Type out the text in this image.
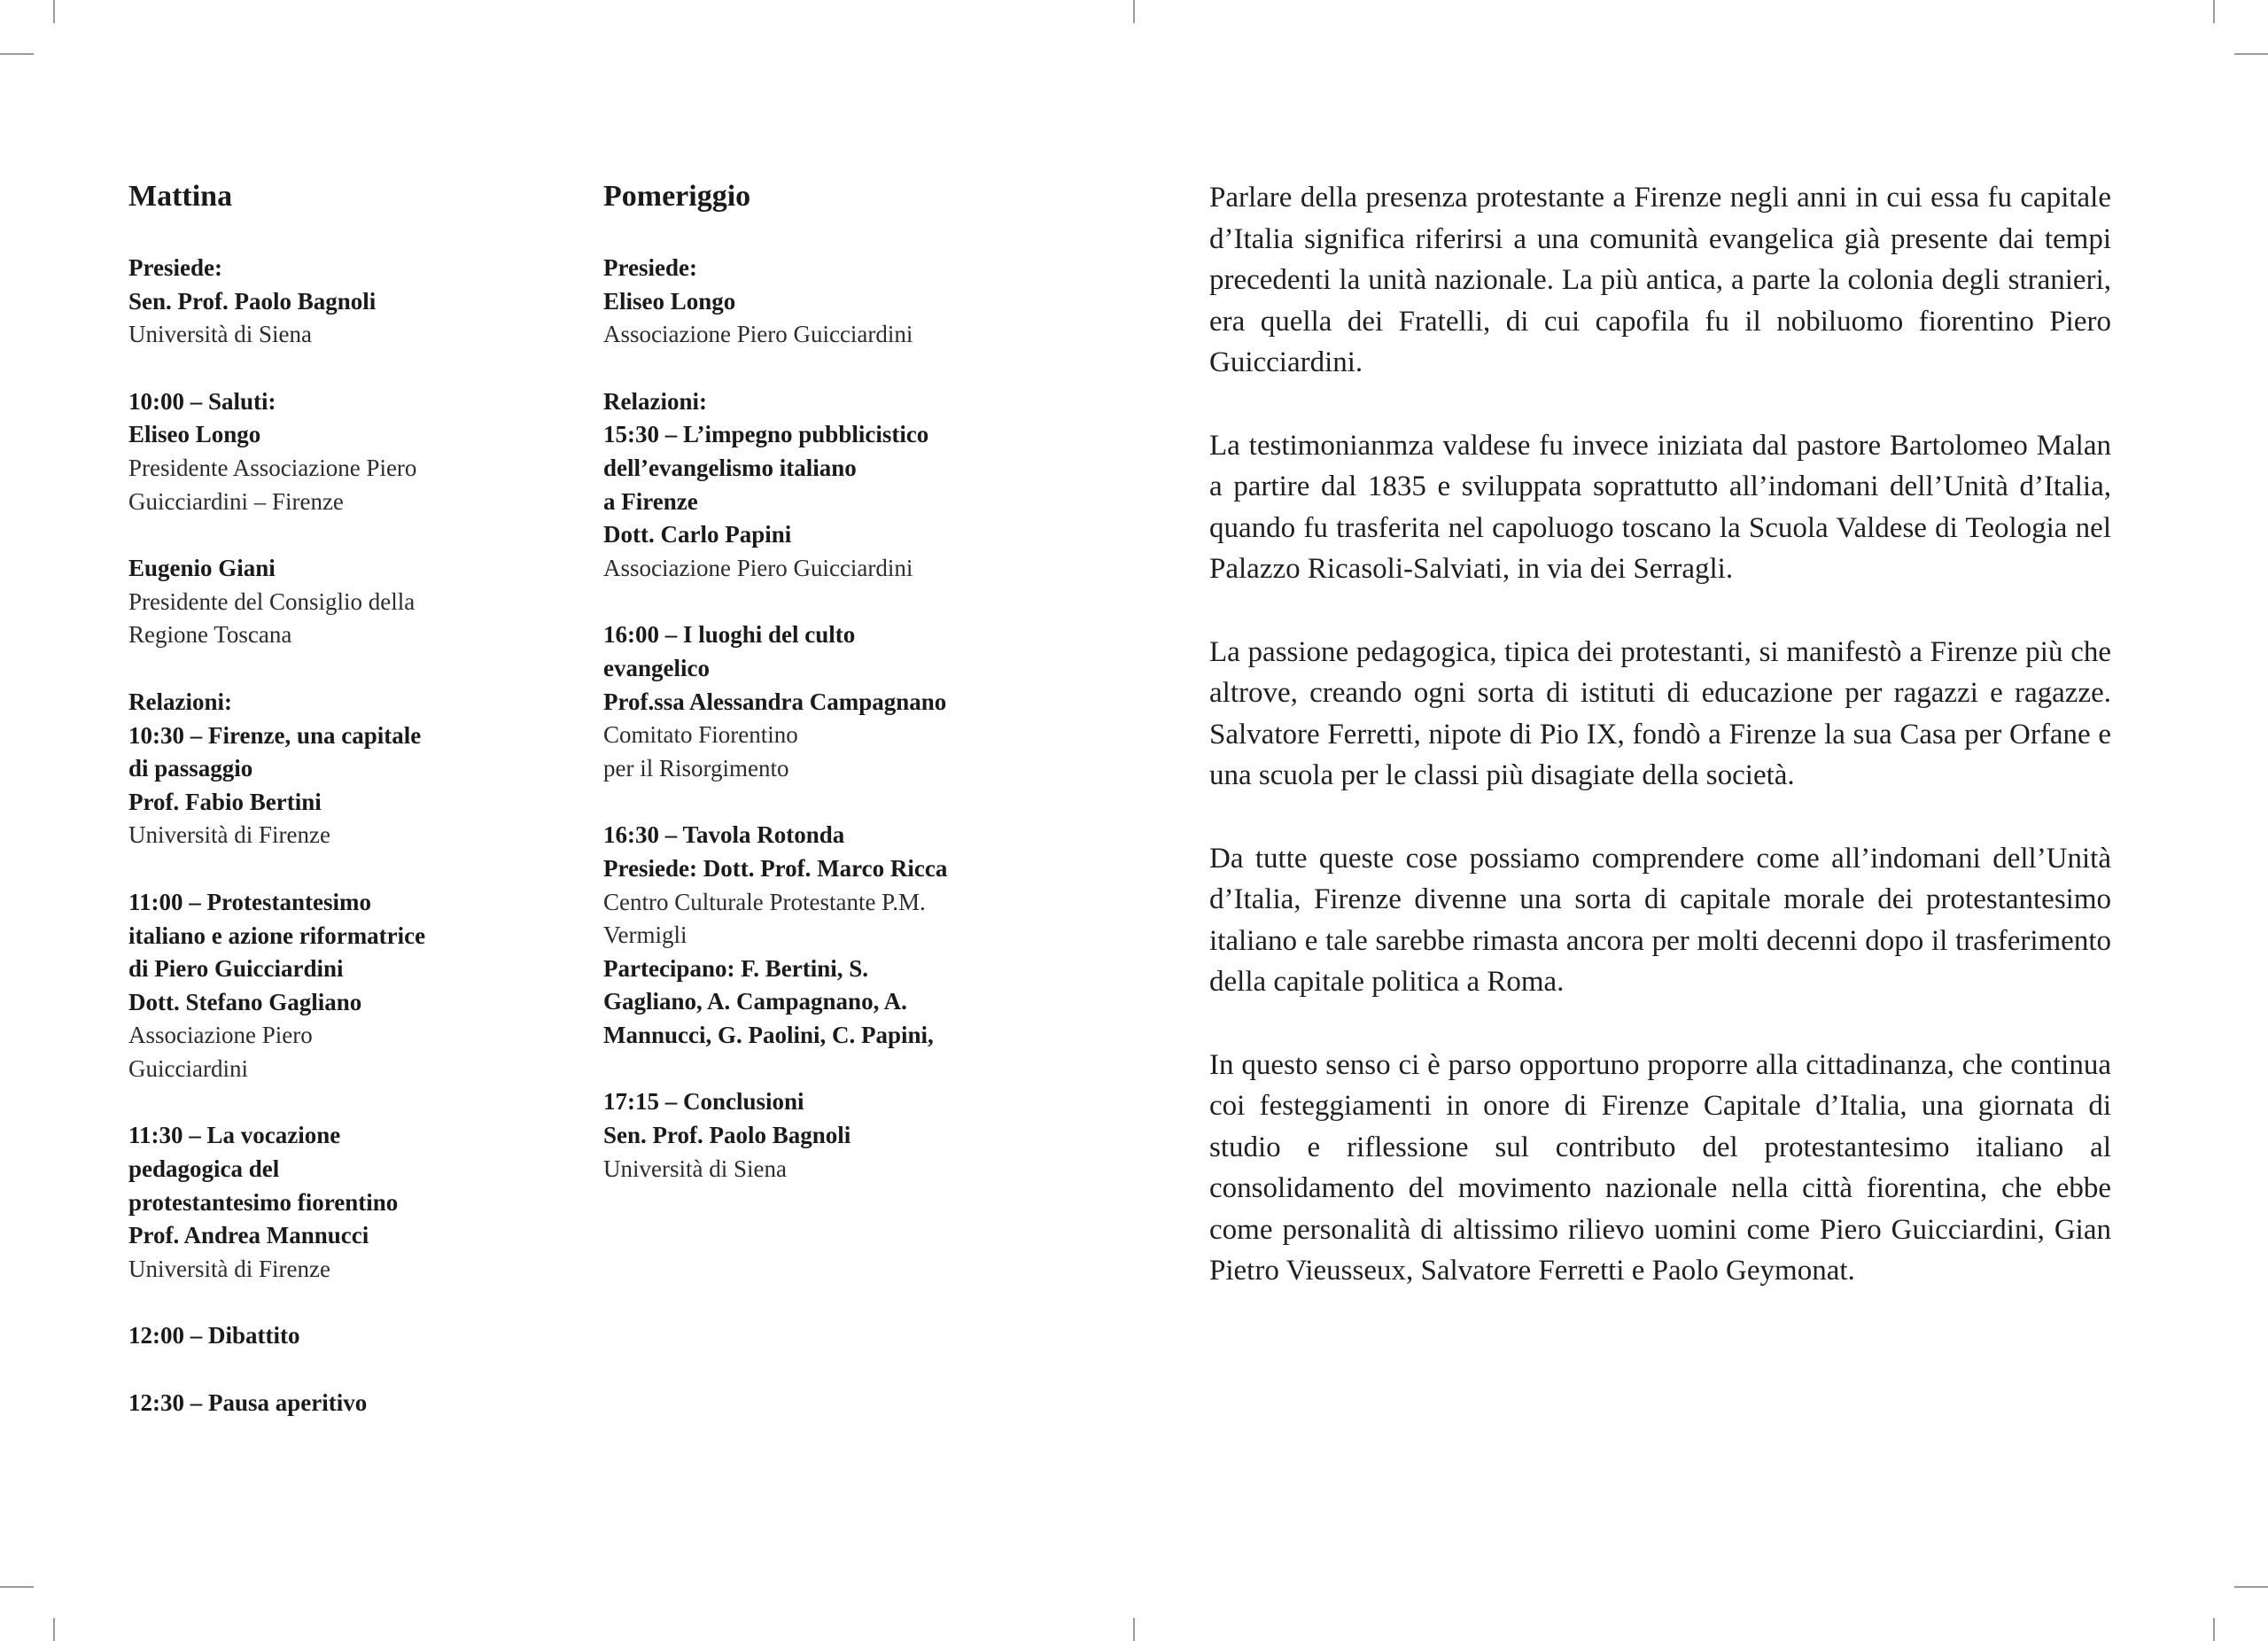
Mattina
Presiede:
Sen. Prof. Paolo Bagnoli
Università di Siena
10:00 – Saluti:
Eliseo Longo
Presidente Associazione Piero
Guicciardini – Firenze
Eugenio Giani
Presidente del Consiglio della
Regione Toscana
Relazioni:
10:30 – Firenze, una capitale
di passaggio
Prof. Fabio Bertini
Università di Firenze
11:00 – Protestantesimo
italiano e azione riformatrice
di Piero Guicciardini
Dott. Stefano Gagliano
Associazione Piero
Guicciardini
11:30 – La vocazione
pedagogica del
protestantesimo fiorentino
Prof. Andrea Mannucci
Università di Firenze
12:00 – Dibattito
12:30 – Pausa aperitivo
Pomeriggio
Presiede:
Eliseo Longo
Associazione Piero Guicciardini
Relazioni:
15:30 – L’impegno pubblicistico
dell’evangelismo italiano
a Firenze
Dott. Carlo Papini
Associazione Piero Guicciardini
16:00 – I luoghi del culto
evangelico
Prof.ssa Alessandra Campagnano
Comitato Fiorentino
per il Risorgimento
16:30 – Tavola Rotonda
Presiede: Dott. Prof. Marco Ricca
Centro Culturale Protestante P.M.
Vermigli
Partecipano: F. Bertini, S.
Gagliano, A. Campagnano, A.
Mannucci, G. Paolini, C. Papini,
17:15 – Conclusioni
Sen. Prof. Paolo Bagnoli
Università di Siena

Parlare della presenza protestante a Firenze negli anni in cui essa fu capitale d’Italia significa riferirsi a una comunità evangelica già presente dai tempi precedenti la unità nazionale. La più antica, a parte la colonia degli stranieri, era quella dei Fratelli, di cui capofila fu il nobiluomo fiorentino Piero Guicciardini.

La testimonianmza valdese fu invece iniziata dal pastore Bartolomeo Malan a partire dal 1835 e sviluppata soprattutto all’indomani dell’Unità d’Italia, quando fu trasferita nel capoluogo toscano la Scuola Valdese di Teologia nel Palazzo Ricasoli-Salviati, in via dei Serragli.

La passione pedagogica, tipica dei protestanti, si manifestò a Firenze più che altrove, creando ogni sorta di istituti di educazione per ragazzi e ragazze. Salvatore Ferretti, nipote di Pio IX, fondò a Firenze la sua Casa per Orfane e una scuola per le classi più disagiate della società.

Da tutte queste cose possiamo comprendere come all’indomani dell’Unità d’Italia, Firenze divenne una sorta di capitale morale dei protestantesimo italiano e tale sarebbe rimasta ancora per molti decenni dopo il trasferimento della capitale politica a Roma.

In questo senso ci è parso opportuno proporre alla cittadinanza, che continua coi festeggiamenti in onore di Firenze Capitale d’Italia, una giornata di studio e riflessione sul contributo del protestantesimo italiano al consolidamento del movimento nazionale nella città fiorentina, che ebbe come personalità di altissimo rilievo uomini come Piero Guicciardini, Gian Pietro Vieusseux, Salvatore Ferretti e Paolo Geymonat.
